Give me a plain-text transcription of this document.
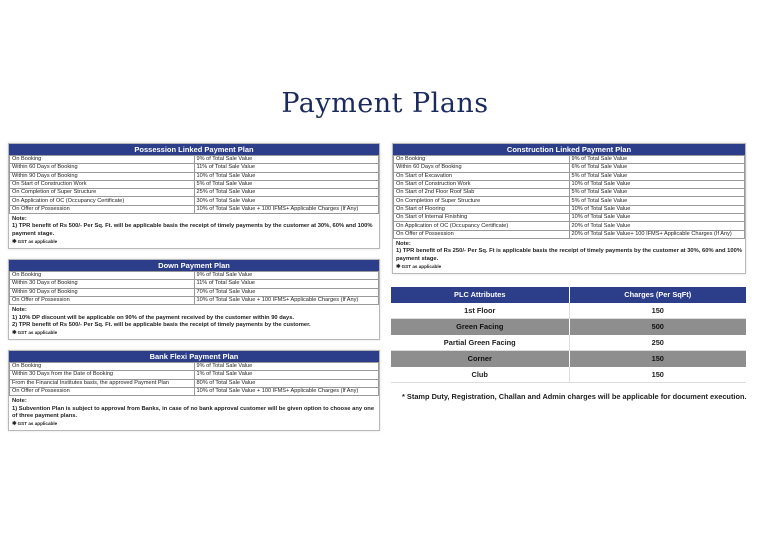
Payment Plans
Possession Linked Payment Plan
On Booking	9% of Total Sale Value
Within 60 Days of Booking	11% of Total Sale Value
Within 90 Days of Booking	10% of Total Sale Value
On Start of Construction Work	5% of Total Sale Value
On Completion of Super Structure	25% of Total Sale Value
On Application of OC (Occupancy Certificate)	30% of Total Sale Value
On Offer of Possession	10% of Total Sale Value + 100 IFMS+ Applicable Charges (If Any)
Note:
1) TPR benefit of Rs 500/- Per Sq. Ft. will be applicable basis the receipt of timely payments by the customer at 30%, 60% and 100% payment stage.
✱GST as applicable
Down Payment Plan
On Booking	9% of Total Sale Value
Within 30 Days of Booking	11% of Total Sale Value
Within 90 Days of Booking	70% of Total Sale Value
On Offer of Possession	10% of Total Sale Value + 100 IFMS+ Applicable Charges (If Any)
Note:
1) 10% DP discount will be applicable on 90% of the payment received by the customer within 90 days.
2) TPR benefit of Rs 500/- Per Sq. Ft. will be applicable basis the receipt of timely payments by the customer.
✱GST as applicable
Bank Flexi Payment Plan
On Booking	9% of Total Sale Value
Within 30 Days from the Date of Booking	1% of Total Sale Value
From the Financial Institutes basis, the approved Payment Plan	80% of Total Sale Value
On Offer of Possession	10% of Total Sale Value + 100 IFMS+ Applicable Charges (If Any)
Note:
1) Subvention Plan is subject to approval from Banks, in case of no bank approval customer will be given option to choose any one of three payment plans.
✱GST as applicable
Construction Linked Payment Plan
On Booking	9% of Total Sale Value
Within 60 Days of Booking	6% of Total Sale Value
On Start of Excavation	5% of Total Sale Value
On Start of Construction Work	10% of Total Sale Value
On Start of 2nd Floor Roof Slab	5% of Total Sale Value
On Completion of Super Structure	5% of Total Sale Value
On Start of Flooring	10% of Total Sale Value
On Start of Internal Finishing	10% of Total Sale Value
On Application of OC (Occupancy Certificate)	20% of Total Sale Value
On Offer of Possession	20% of Total Sale Value+ 100 IFMS+ Applicable Charges (If Any)
Note:
1) TPR benefit of Rs 250/- Per Sq. Ft is applicable basis the receipt of timely payments by the customer at 30%, 60% and 100% payment stage.
✱GST as applicable
PLC Attributes	Charges (Per SqFt)
1st Floor	150
Green Facing	500
Partial Green Facing	250
Corner	150
Club	150
* Stamp Duty, Registration, Challan and Admin charges will be applicable for document execution.
